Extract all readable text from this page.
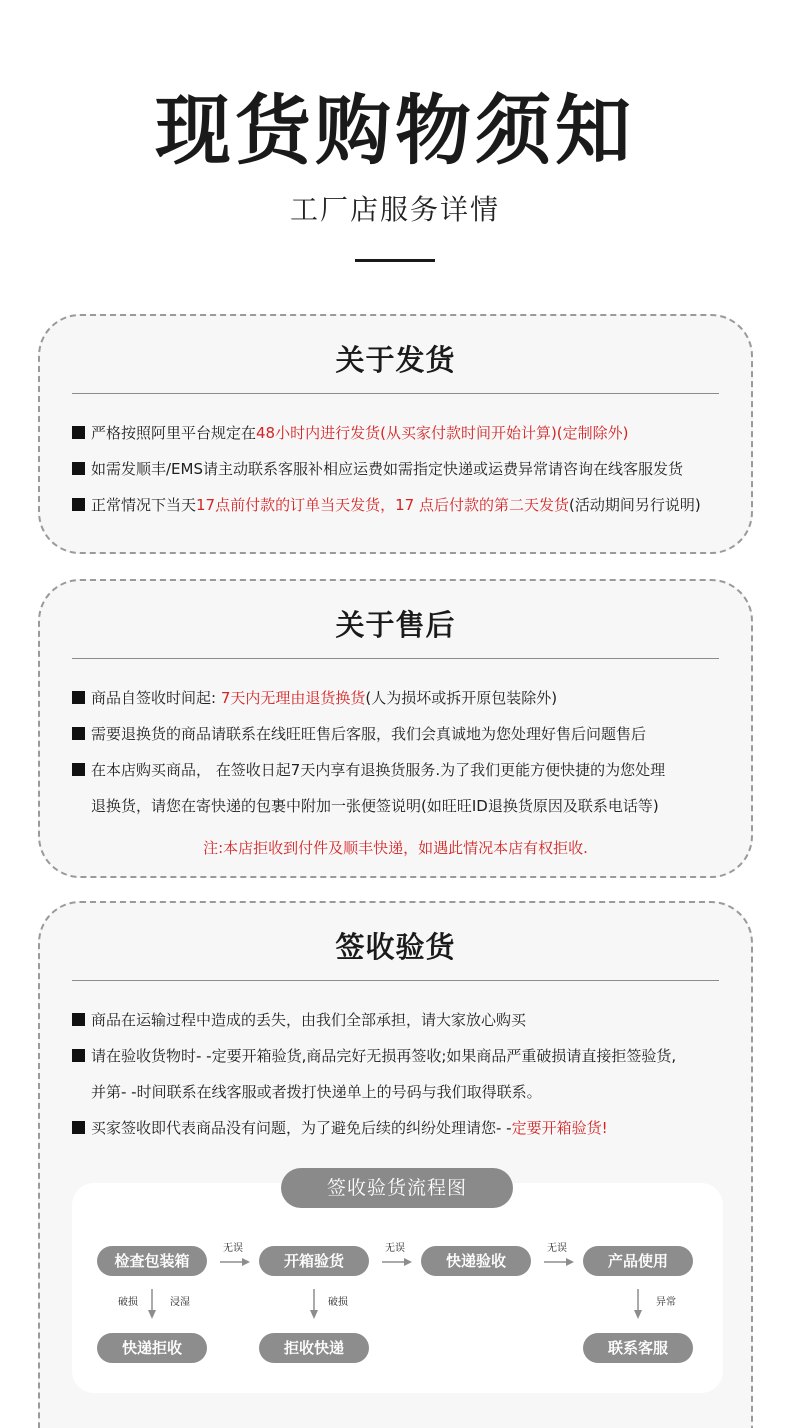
现货购物须知
工厂店服务详情
关于发货
严格按照阿里平台规定在48小时内进行发货(从买家付款时间开始计算)(定制除外)
如需发顺丰/EMS请主动联系客服补相应运费如需指定快递或运费异常请咨询在线客服发货
正常情况下当天17点前付款的订单当天发货，17 点后付款的第二天发货(活动期间另行说明)
关于售后
商品自签收时间起: 7天内无理由退货换货(人为损坏或拆开原包装除外)
需要退换货的商品请联系在线旺旺售后客服，我们会真诚地为您处理好售后问题售后
在本店购买商品， 在签收日起7天内享有退换货服务.为了我们更能方便快捷的为您处理
退换货，请您在寄快递的包裹中附加一张便签说明(如旺旺ID退换货原因及联系电话等)
注:本店拒收到付件及顺丰快递，如遇此情况本店有权拒收.
签收验货
商品在运输过程中造成的丢失，由我们全部承担，请大家放心购买
请在验收货物时- -定要开箱验货,商品完好无损再签收;如果商品严重破损请直接拒签验货,
并第- -时间联系在线客服或者拨打快递单上的号码与我们取得联系。
买家签收即代表商品没有问题，为了避免后续的纠纷处理请您- -定要开箱验货!
检查包装箱	开箱验货	快递验收	产品使用
无误	无误	无误
破损	浸湿	破损	异常
快递拒收	拒收快递	联系客服
签收验货流程图
